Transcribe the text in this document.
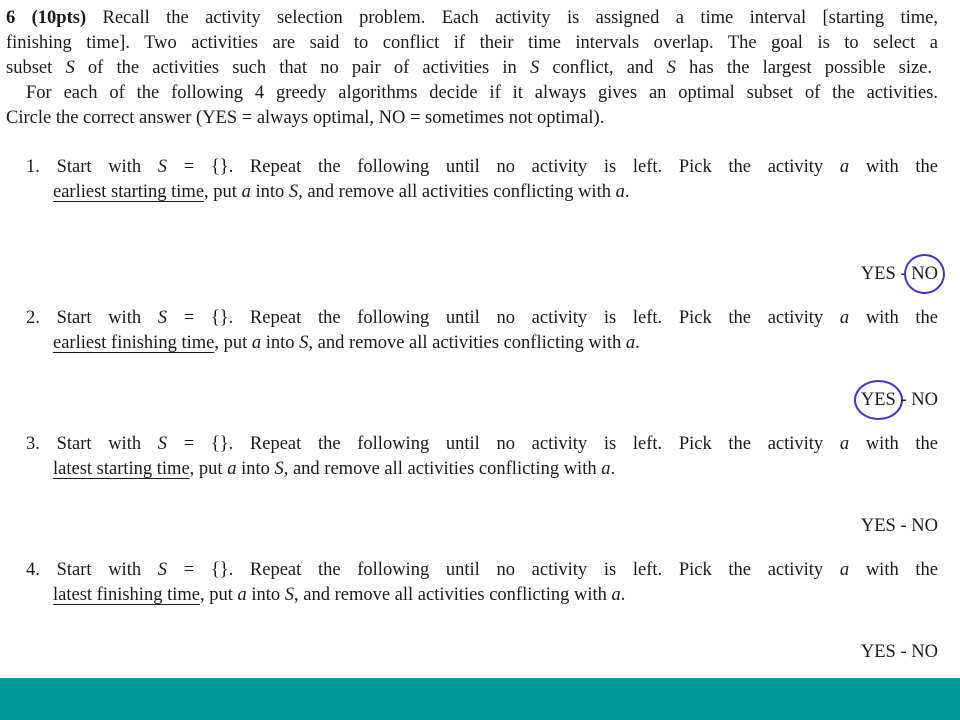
6 (10pts) Recall the activity selection problem. Each activity is assigned a time interval [starting time,
finishing time]. Two activities are said to conflict if their time intervals overlap. The goal is to select a
subset S of the activities such that no pair of activities in S conflict, and S has the largest possible size.
For each of the following 4 greedy algorithms decide if it always gives an optimal subset of the activities.
Circle the correct answer (YES = always optimal, NO = sometimes not optimal).
1. Start with S = {}. Repeat the following until no activity is left. Pick the activity a with the
earliest starting time, put a into S, and remove all activities conflicting with a.
YES - NO
2. Start with S = {}. Repeat the following until no activity is left. Pick the activity a with the
earliest finishing time, put a into S, and remove all activities conflicting with a.
YES - NO
3. Start with S = {}. Repeat the following until no activity is left. Pick the activity a with the
latest starting time, put a into S, and remove all activities conflicting with a.
YES - NO
4. Start with S = {}. Repeat the following until no activity is left. Pick the activity a with the
latest finishing time, put a into S, and remove all activities conflicting with a.
YES - NO
